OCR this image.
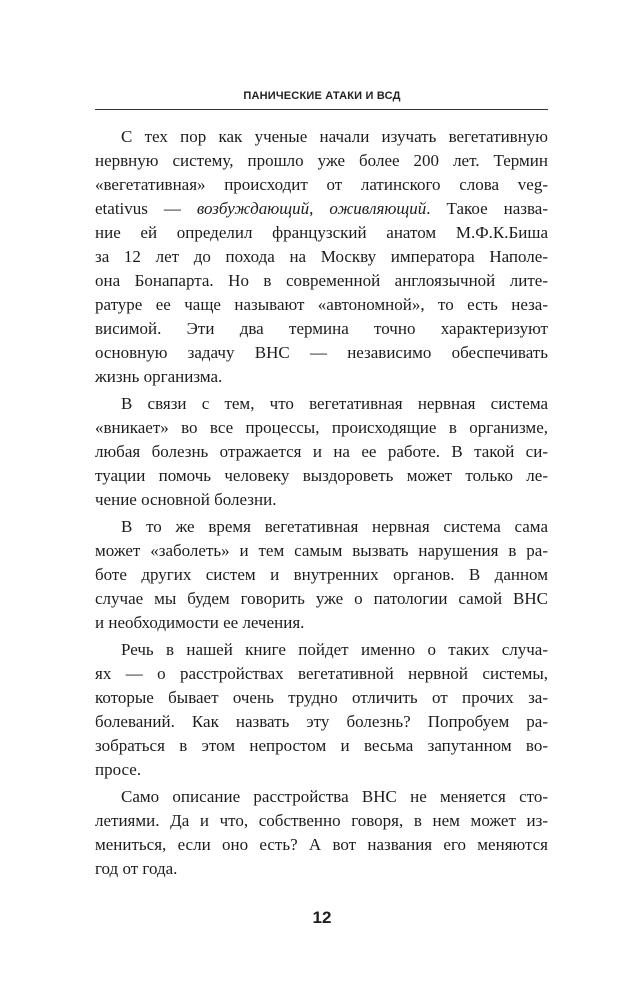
ПАНИЧЕСКИЕ АТАКИ И ВСД
С тех пор как ученые начали изучать вегетативную
нервную систему, прошло уже более 200 лет. Термин
«вегетативная» происходит от латинского слова veg-
etativus — возбуждающий, оживляющий. Такое назва-
ние ей определил французский анатом М.Ф.К.Биша
за 12 лет до похода на Москву императора Наполе-
она Бонапарта. Но в современной англоязычной лите-
ратуре ее чаще называют «автономной», то есть неза-
висимой. Эти два термина точно характеризуют
основную задачу ВНС — независимо обеспечивать
жизнь организма.
В связи с тем, что вегетативная нервная система
«вникает» во все процессы, происходящие в организме,
любая болезнь отражается и на ее работе. В такой си-
туации помочь человеку выздороветь может только ле-
чение основной болезни.
В то же время вегетативная нервная система сама
может «заболеть» и тем самым вызвать нарушения в ра-
боте других систем и внутренних органов. В данном
случае мы будем говорить уже о патологии самой ВНС
и необходимости ее лечения.
Речь в нашей книге пойдет именно о таких случа-
ях — о расстройствах вегетативной нервной системы,
которые бывает очень трудно отличить от прочих за-
болеваний. Как назвать эту болезнь? Попробуем ра-
зобраться в этом непростом и весьма запутанном во-
просе.
Само описание расстройства ВНС не меняется сто-
летиями. Да и что, собственно говоря, в нем может из-
мениться, если оно есть? А вот названия его меняются
год от года.
12
